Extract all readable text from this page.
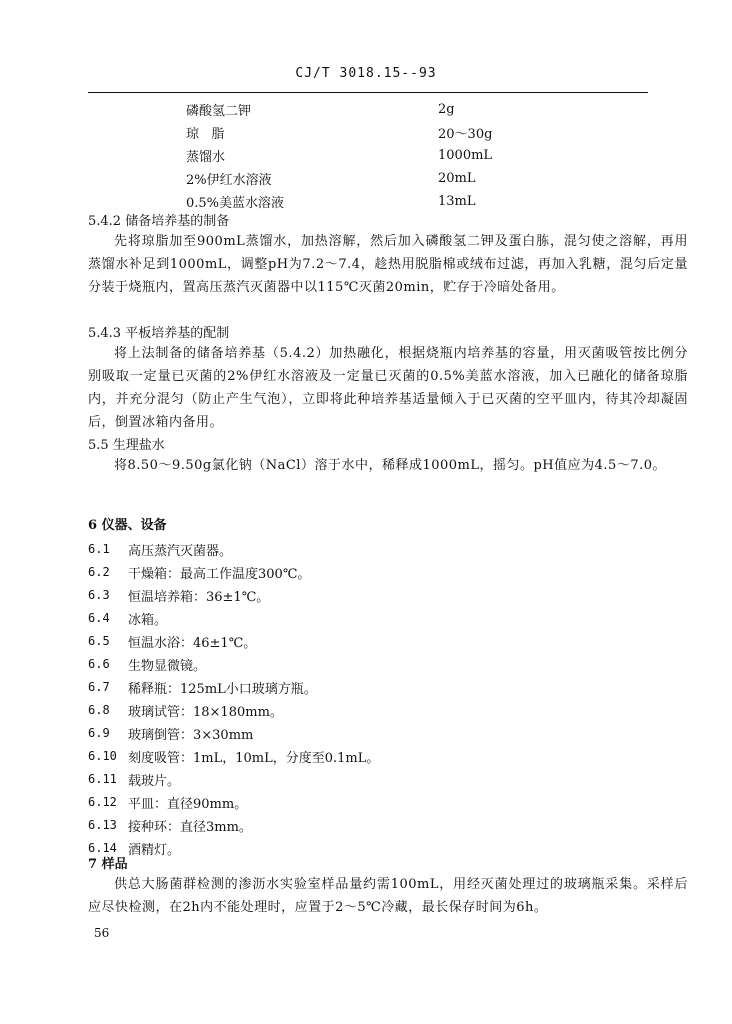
CJ/T 3018.15--93
磷酸氢二钾	2g
琼   脂	20～30g
蒸馏水	1000mL
2%伊红水溶液	20mL
0.5%美蓝水溶液	13mL
5.4.2 储备培养基的制备
先将琼脂加至900mL蒸馏水，加热溶解，然后加入磷酸氢二钾及蛋白胨，混匀使之溶解，再用蒸馏水补足到1000mL，调整pH为7.2～7.4，趁热用脱脂棉或绒布过滤，再加入乳糖，混匀后定量分装于烧瓶内，置高压蒸汽灭菌器中以115℃灭菌20min，贮存于冷暗处备用。
5.4.3 平板培养基的配制
将上法制备的储备培养基（5.4.2）加热融化，根据烧瓶内培养基的容量，用灭菌吸管按比例分别吸取一定量已灭菌的2%伊红水溶液及一定量已灭菌的0.5%美蓝水溶液，加入已融化的储备琼脂内，并充分混匀（防止产生气泡），立即将此种培养基适量倾入于已灭菌的空平皿内，待其冷却凝固后，倒置冰箱内备用。
5.5 生理盐水
将8.50～9.50g氯化钠（NaCl）溶于水中，稀释成1000mL，摇匀。pH值应为4.5～7.0。
6 仪器、设备
6.1	高压蒸汽灭菌器。
6.2	干燥箱：最高工作温度300℃。
6.3	恒温培养箱：36±1℃。
6.4	冰箱。
6.5	恒温水浴：46±1℃。
6.6	生物显微镜。
6.7	稀释瓶：125mL小口玻璃方瓶。
6.8	玻璃试管：18×180mm。
6.9	玻璃倒管：3×30mm
6.10 刻度吸管：1mL，10mL，分度至0.1mL。
6.11 载玻片。
6.12 平皿：直径90mm。
6.13 接种环：直径3mm。
6.14 酒精灯。
7 样品
供总大肠菌群检测的渗沥水实验室样品量约需100mL，用经灭菌处理过的玻璃瓶采集。采样后应尽快检测，在2h内不能处理时，应置于2～5℃冷藏，最长保存时间为6h。
56
